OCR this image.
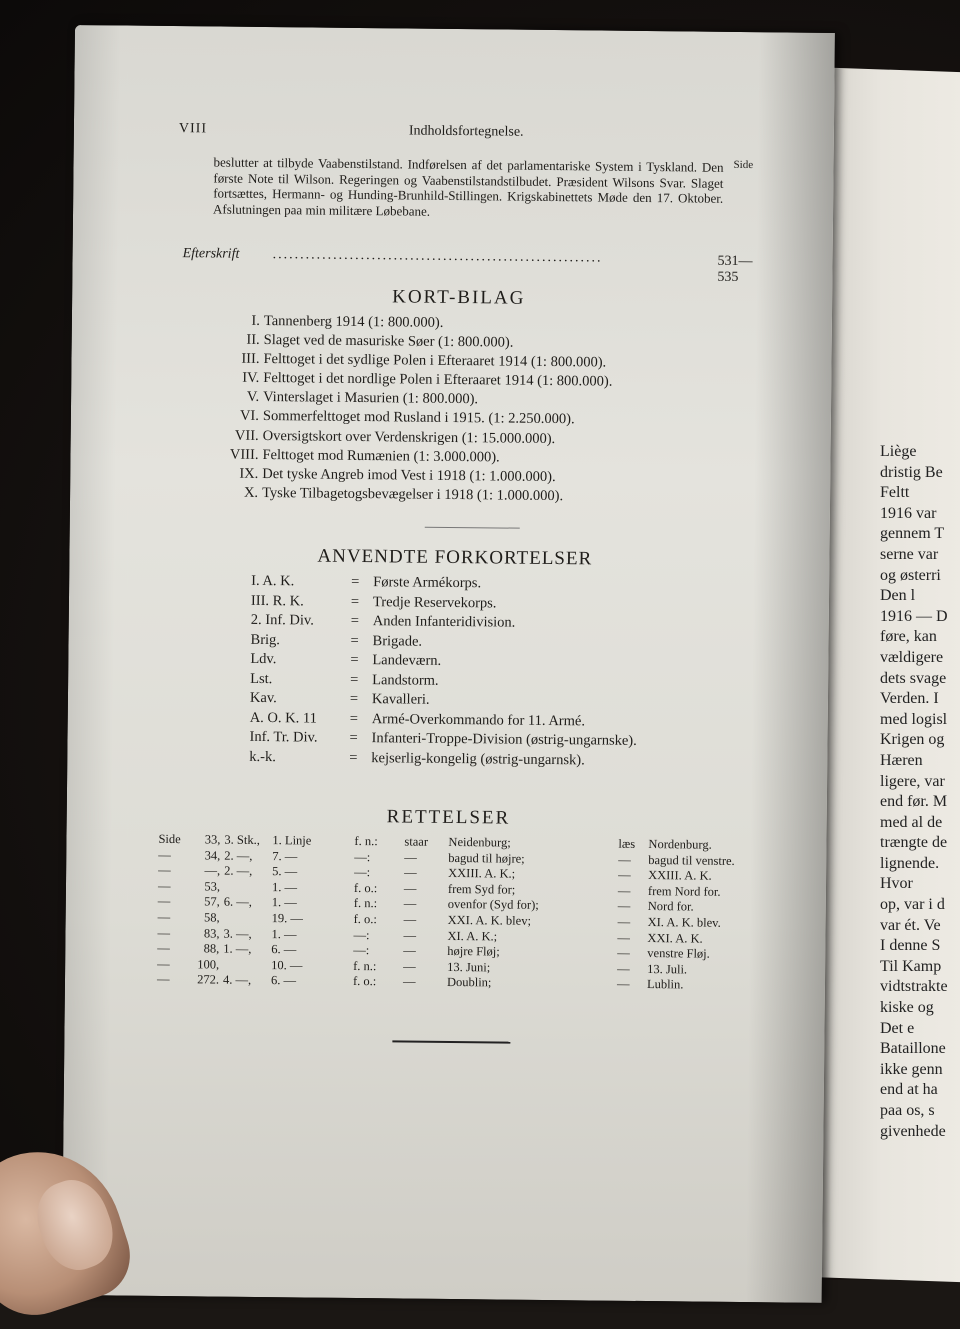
Liège
dristig Be
Feltt
1916 var
gennem T
serne var
og østerri
Den l
1916 — D
føre, kan
vældigere
dets svage
Verden. I
med logisl
Krigen og
Hæren
ligere, var
end før. M
med al de
trængte de
lignende.
Hvor
op, var i d
var ét. Ve
I denne S
Til Kamp
vidtstrakte
kiske og
Det e
Bataillone
ikke genn
end at ha
paa os, s
givenhede
VIII	Indholdsfortegnelse.
Side
beslutter at tilbyde Vaabenstilstand. Indførelsen af det parlamentariske System i Tyskland. Den første Note til Wilson. Regeringen og Vaabenstilstandstilbudet. Præsident Wilsons Svar. Slaget fortsættes, Hermann- og Hunding-Brunhild-Stillingen. Krigskabinettets Møde den 17. Oktober. Afslutningen paa min militære Løbebane.
Efterskrift ............................................................	531—535
KORT-BILAG
I. Tannenberg 1914 (1: 800.000).
II. Slaget ved de masuriske Søer (1: 800.000).
III. Felttoget i det sydlige Polen i Efteraaret 1914 (1: 800.000).
IV. Felttoget i det nordlige Polen i Efteraaret 1914 (1: 800.000).
V. Vinterslaget i Masurien (1: 800.000).
VI. Sommerfelttoget mod Rusland i 1915. (1: 2.250.000).
VII. Oversigtskort over Verdenskrigen (1: 15.000.000).
VIII. Felttoget mod Rumænien (1: 3.000.000).
IX. Det tyske Angreb imod Vest i 1918 (1: 1.000.000).
X. Tyske Tilbagetogsbevægelser i 1918 (1: 1.000.000).
ANVENDTE FORKORTELSER
I. A. K.	= Første Armékorps.
III. R. K.	= Tredje Reservekorps.
2. Inf. Div.	= Anden Infanteridivision.
Brig.	= Brigade.
Ldv.	= Landeværn.
Lst.	= Landstorm.
Kav.	= Kavalleri.
A. O. K. 11 = Armé-Overkommando for 11. Armé.
Inf. Tr. Div. = Infanteri-Troppe-Division (østrig-ungarnske).
k.-k.	= kejserlig-kongelig (østrig-ungarnsk).
RETTELSER
Side	33, 3. Stk., 1. Linje	f. n.:	staar	Neidenburg;	læs	Nordenburg.
—	34, 2. —,	7. —	—:	—	bagud til højre;	—	bagud til venstre.
—	—, 2. —,	5. —	—:	—	XXIII. A. K.;	—	XXIII. A. K.
—	53,	1. —	f. o.:	—	frem Syd for;	—	frem Nord for.
—	57, 6. —,	1. —	f. n.:	—	ovenfor (Syd for);	—	Nord for.
—	58,	19. —	f. o.:	—	XXI. A. K. blev;	—	XI. A. K. blev.
—	83, 3. —,	1. —	—:	—	XI. A. K.;	—	XXI. A. K.
—	88, 1. —,	6. —	—:	—	højre Fløj;	—	venstre Fløj.
—	100,	10. —	f. n.:	—	13. Juni;	—	13. Juli.
—	272. 4. —,	6. —	f. o.:	—	Doublin;	—	Lublin.
